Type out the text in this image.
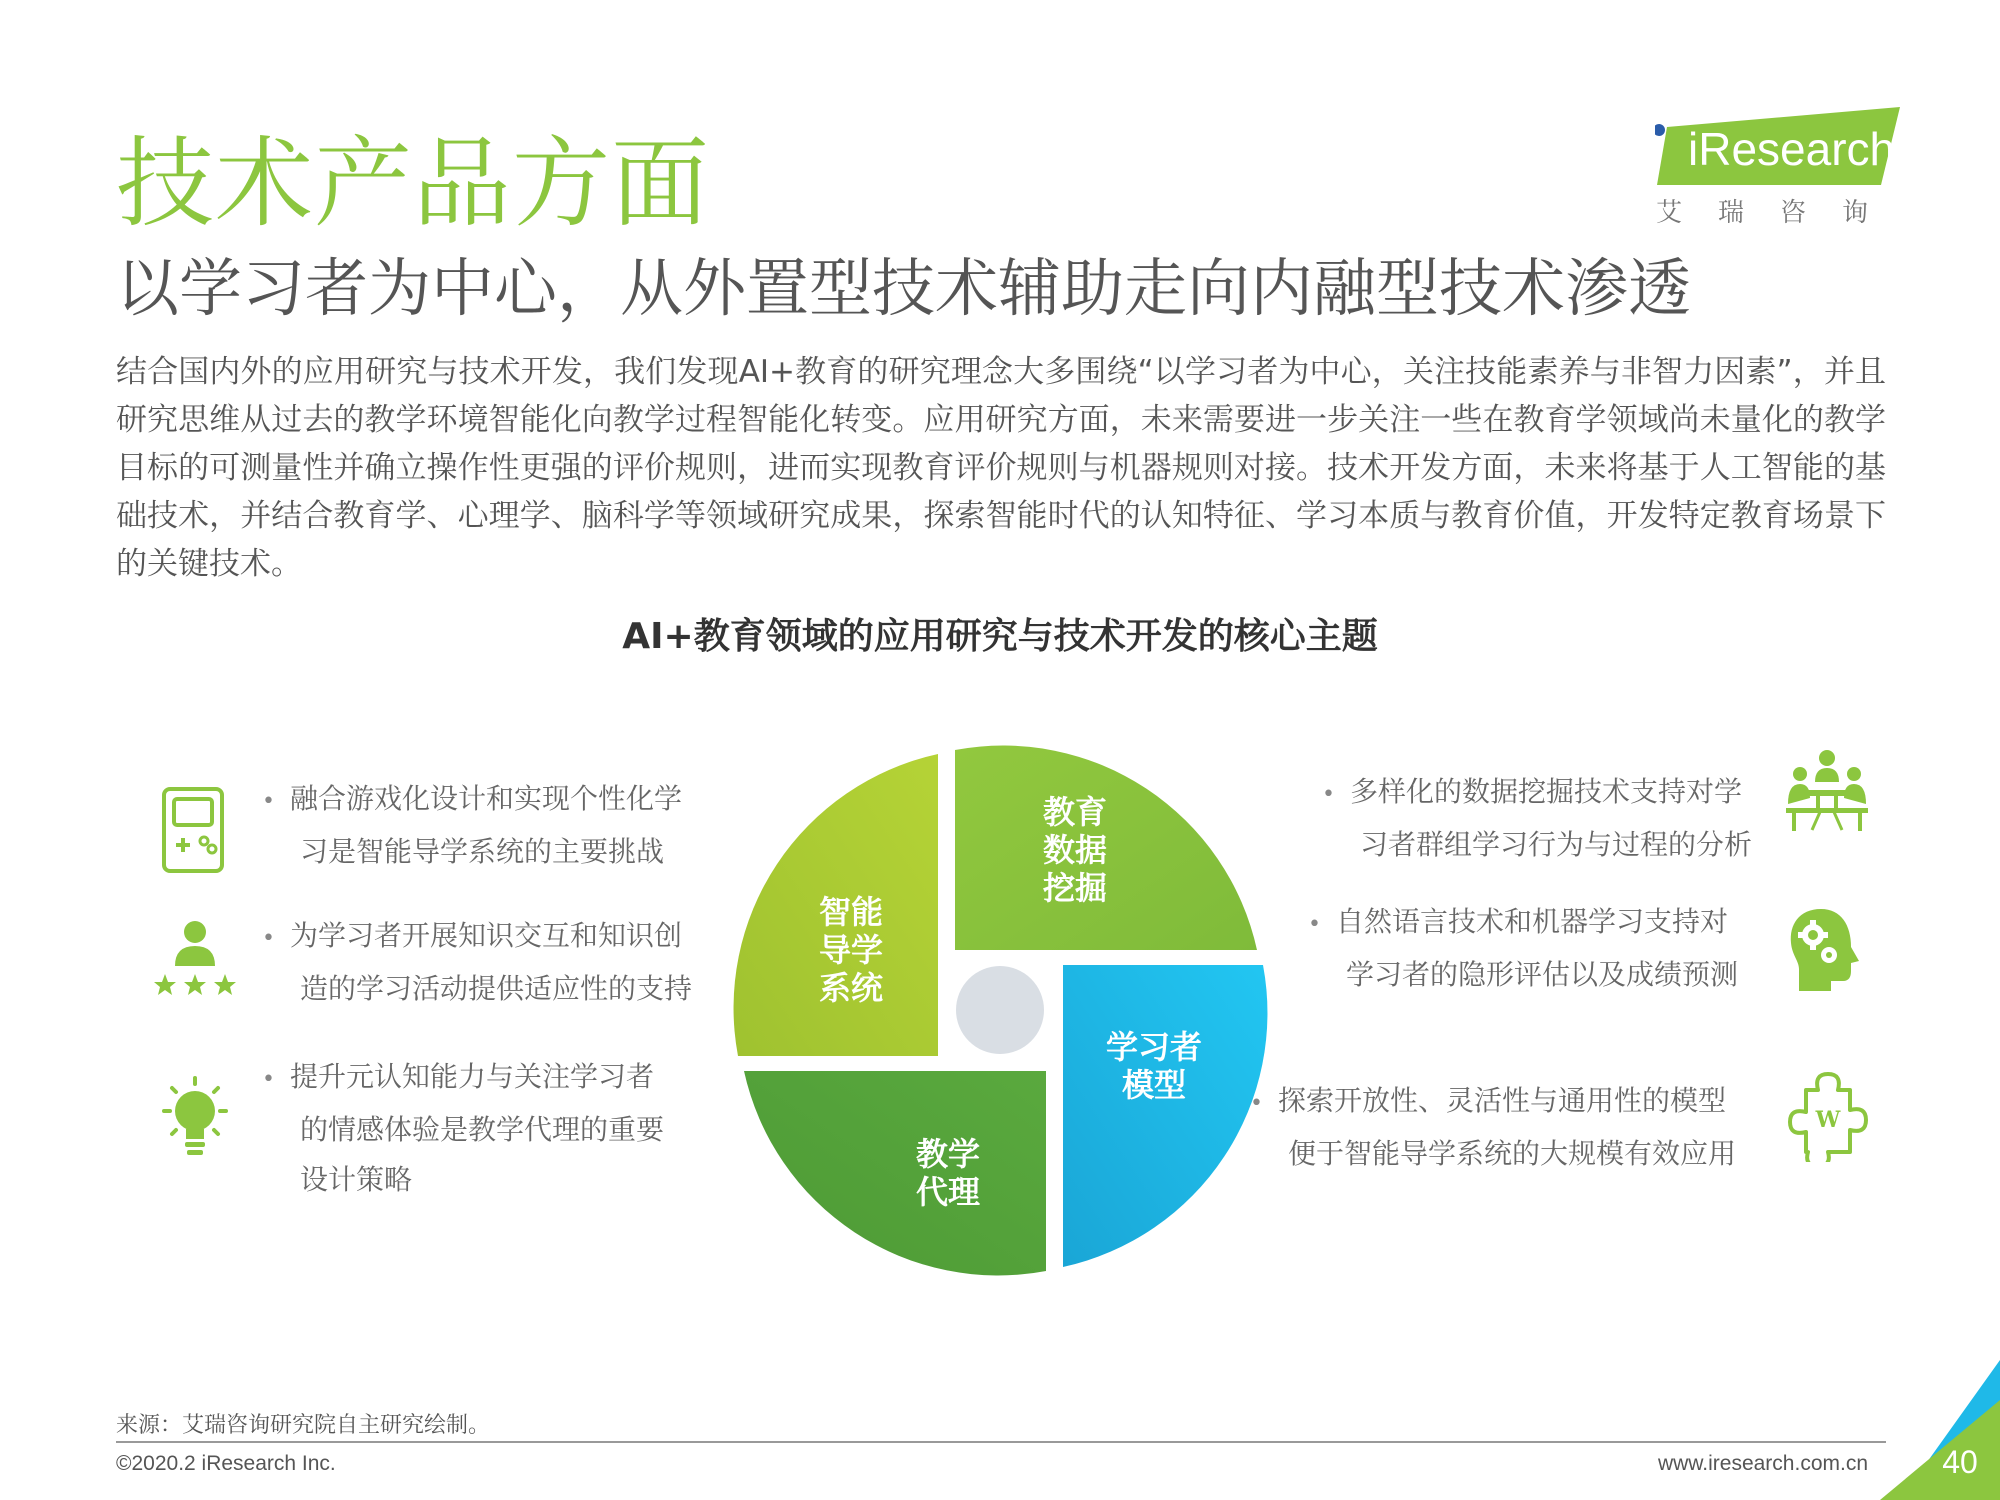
技术产品方面
以学习者为中心，从外置型技术辅助走向内融型技术渗透
iResearch
艾 瑞 咨 询
结合国内外的应用研究与技术开发，我们发现AI+教育的研究理念大多围绕“以学习者为中心，关注技能素养与非智力因素”，并且研究思维从过去的教学环境智能化向教学过程智能化转变。应用研究方面，未来需要进一步关注一些在教育学领域尚未量化的教学目标的可测量性并确立操作性更强的评价规则，进而实现教育评价规则与机器规则对接。技术开发方面，未来将基于人工智能的基础技术，并结合教育学、心理学、脑科学等领域研究成果，探索智能时代的认知特征、学习本质与教育价值，开发特定教育场景下的关键技术。
AI+教育领域的应用研究与技术开发的核心主题
教育
数据
挖掘
学习者
模型
教学
代理
智能
导学
系统
• 融合游戏化设计和实现个性化学
习是智能导学系统的主要挑战
• 为学习者开展知识交互和知识创
造的学习活动提供适应性的支持
• 提升元认知能力与关注学习者
的情感体验是教学代理的重要
设计策略
• 多样化的数据挖掘技术支持对学
习者群组学习行为与过程的分析
• 自然语言技术和机器学习支持对
学习者的隐形评估以及成绩预测
• 探索开放性、灵活性与通用性的模型
便于智能导学系统的大规模有效应用
W
来源：艾瑞咨询研究院自主研究绘制。
©2020.2 iResearch Inc.	www.iresearch.com.cn	40
